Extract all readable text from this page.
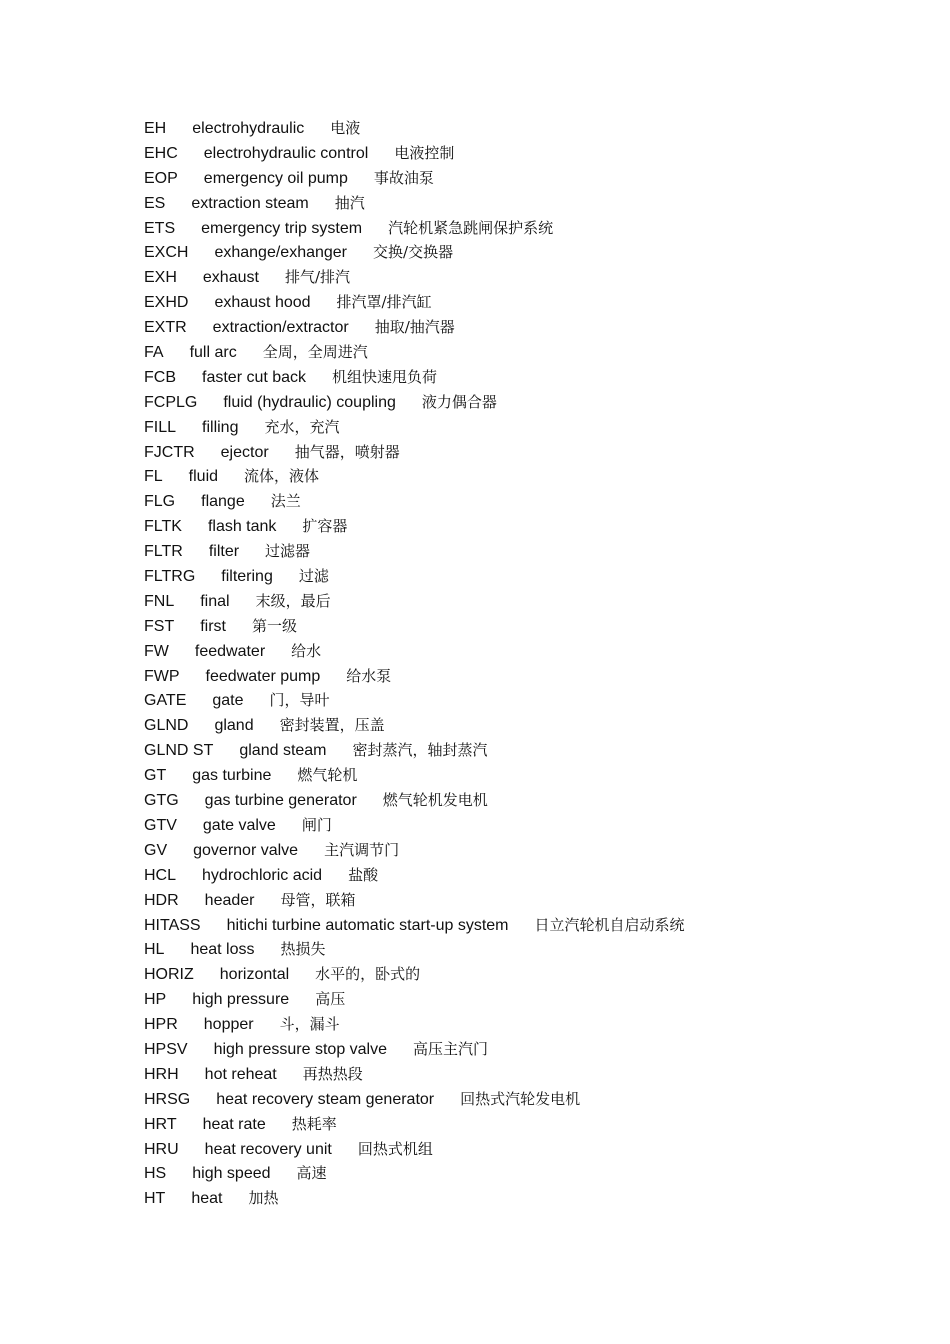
EH electrohydraulic 电液
EHC electrohydraulic control 电液控制
EOP emergency oil pump 事故油泵
ES extraction steam 抽汽
ETS emergency trip system 汽轮机紧急跳闸保护系统
EXCH exhange/exhanger 交换/交换器
EXH exhaust 排气/排汽
EXHD exhaust hood 排汽罩/排汽缸
EXTR extraction/extractor 抽取/抽汽器
FA full arc 全周，全周进汽
FCB faster cut back 机组快速甩负荷
FCPLG fluid (hydraulic) coupling 液力偶合器
FILL filling 充水，充汽
FJCTR ejector 抽气器，喷射器
FL fluid 流体，液体
FLG flange 法兰
FLTK flash tank 扩容器
FLTR filter 过滤器
FLTRG filtering 过滤
FNL final 末级，最后
FST first 第一级
FW feedwater 给水
FWP feedwater pump 给水泵
GATE gate 门，导叶
GLND gland 密封装置，压盖
GLND ST gland steam 密封蒸汽，轴封蒸汽
GT gas turbine 燃气轮机
GTG gas turbine generator 燃气轮机发电机
GTV gate valve 闸门
GV governor valve 主汽调节门
HCL hydrochloric acid 盐酸
HDR header 母管，联箱
HITASS hitichi turbine automatic start-up system 日立汽轮机自启动系统
HL heat loss 热损失
HORIZ horizontal 水平的，卧式的
HP high pressure 高压
HPR hopper 斗，漏斗
HPSV high pressure stop valve 高压主汽门
HRH hot reheat 再热热段
HRSG heat recovery steam generator 回热式汽轮发电机
HRT heat rate 热耗率
HRU heat recovery unit 回热式机组
HS high speed 高速
HT heat 加热
